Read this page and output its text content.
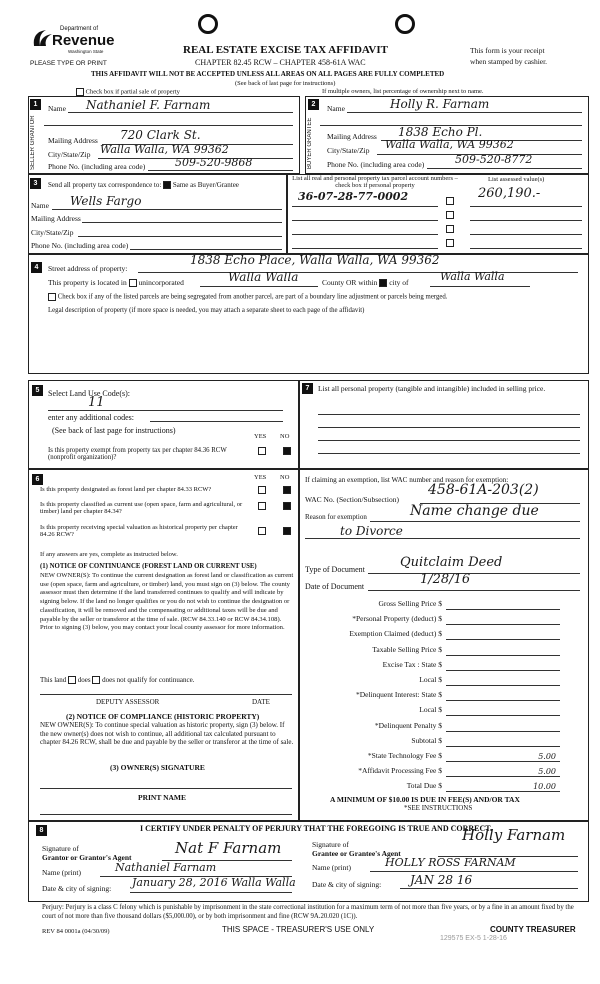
Department of
Revenue
Washington State
PLEASE TYPE OR PRINT
REAL ESTATE EXCISE TAX AFFIDAVIT
CHAPTER 82.45 RCW – CHAPTER 458-61A WAC
This form is your receipt
when stamped by cashier.
THIS AFFIDAVIT WILL NOT BE ACCEPTED UNLESS ALL AREAS ON ALL PAGES ARE FULLY COMPLETED
(See back of last page for instructions)
Check box if partial sale of property	If multiple owners, list percentage of ownership next to name.
1
SELLER GRANTOR
Name Nathaniel F. Farnam
Mailing Address 720 Clark St.
City/State/Zip Walla Walla, WA 99362
Phone No. (including area code)	509-520-9868
2
BUYER GRANTEE
Name	Holly R. Farnam
Mailing Address 1838 Echo Pl.
City/State/Zip Walla Walla, WA 99362
Phone No. (including area code)	509-520-8772
3	Send all property tax correspondence to: Same as Buyer/Grantee
Name Wells Fargo
Mailing Address
City/State/Zip
Phone No. (including area code)
List all real and personal property tax parcel account numbers – check box if personal property
List assessed value(s)
36-07-28-77-0002	260,190.-
4	Street address of property:
1838 Echo Place, Walla Walla, WA 99362
This property is located in unincorporated	Walla Walla	County OR within city of	Walla Walla
Check box if any of the listed parcels are being segregated from another parcel, are part of a boundary line adjustment or parcels being merged.
Legal description of property (if more space is needed, you may attach a separate sheet to each page of the affidavit)
5	Select Land Use Code(s):
11
enter any additional codes:
(See back of last page for instructions)
YES NO
Is this property exempt from property tax per chapter 84.36 RCW (nonprofit organization)?
7	List all personal property (tangible and intangible) included in selling price.
6	YES NO
Is this property designated as forest land per chapter 84.33 RCW?
Is this property classified as current use (open space, farm and agricultural, or timber) land per chapter 84.34?
Is this property receiving special valuation as historical property per chapter 84.26 RCW?
If any answers are yes, complete as instructed below.
(1) NOTICE OF CONTINUANCE (FOREST LAND OR CURRENT USE)
NEW OWNER(S): To continue the current designation as forest land or classification as current use (open space, farm and agriculture, or timber) land, you must sign on (3) below. The county assessor must then determine if the land transferred continues to qualify and will indicate by signing below. If the land no longer qualifies or you do not wish to continue the designation or classification, it will be removed and the compensating or additional taxes will be due and payable by the seller or transferor at the time of sale. (RCW 84.33.140 or RCW 84.34.108). Prior to signing (3) below, you may contact your local county assessor for more information.
This land does does not qualify for continuance.
DEPUTY ASSESSOR	DATE
(2) NOTICE OF COMPLIANCE (HISTORIC PROPERTY)
NEW OWNER(S): To continue special valuation as historic property, sign (3) below. If the new owner(s) does not wish to continue, all additional tax calculated pursuant to chapter 84.26 RCW, shall be due and payable by the seller or transferor at the time of sale.
(3) OWNER(S) SIGNATURE
PRINT NAME
If claiming an exemption, list WAC number and reason for exemption:
WAC No. (Section/Subsection)
458-61A-203(2)
Reason for exemption	Name change due
to Divorce
Type of Document	Quitclaim Deed
Date of Document	1/28/16
Gross Selling Price $
*Personal Property (deduct) $
Exemption Claimed (deduct) $
Taxable Selling Price $
Excise Tax : State $
Local $
*Delinquent Interest: State $
Local $
*Delinquent Penalty $
Subtotal $
*State Technology Fee $	5.00
*Affidavit Processing Fee $	5.00
Total Due $	10.00
A MINIMUM OF $10.00 IS DUE IN FEE(S) AND/OR TAX
*SEE INSTRUCTIONS
8	I CERTIFY UNDER PENALTY OF PERJURY THAT THE FOREGOING IS TRUE AND CORRECT.
Signature of
Grantor or Grantor's Agent
Nat F Farnam	Signature of
Grantee or Grantee's Agent
Holly Farnam
Name (print)	Nathaniel Farnam	Name (print)	HOLLY ROSS FARNAM
Date & city of signing: January 28, 2016 Walla Walla Date & city of signing: JAN 28 16
Perjury: Perjury is a class C felony which is punishable by imprisonment in the state correctional institution for a maximum term of not more than five years, or by a fine in an amount fixed by the court of not more than five thousand dollars ($5,000.00), or by both imprisonment and fine (RCW 9A.20.020 (1C)).
REV 84 0001a (04/30/09)	THIS SPACE - TREASURER'S USE ONLY	COUNTY TREASURER
129575 EX-5 1-28-16
